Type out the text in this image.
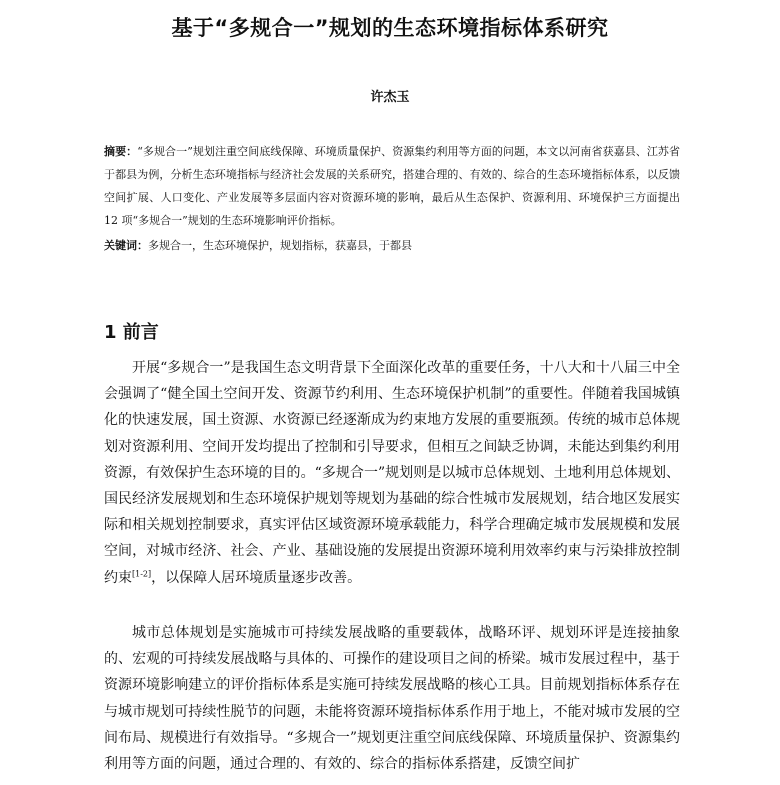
基于“多规合一”规划的生态环境指标体系研究
许杰玉
摘要：“多规合一”规划注重空间底线保障、环境质量保护、资源集约利用等方面的问题，本文以河南省获嘉县、江苏省于都县为例，分析生态环境指标与经济社会发展的关系研究，搭建合理的、有效的、综合的生态环境指标体系，以反馈空间扩展、人口变化、产业发展等多层面内容对资源环境的影响，最后从生态保护、资源利用、环境保护三方面提出 12 项“多规合一”规划的生态环境影响评价指标。
关键词：多规合一，生态环境保护，规划指标，获嘉县，于都县
1 前言

开展“多规合一”是我国生态文明背景下全面深化改革的重要任务，十八大和十八届三中全会强调了“健全国土空间开发、资源节约利用、生态环境保护机制”的重要性。伴随着我国城镇化的快速发展，国土资源、水资源已经逐渐成为约束地方发展的重要瓶颈。传统的城市总体规划对资源利用、空间开发均提出了控制和引导要求，但相互之间缺乏协调，未能达到集约利用资源，有效保护生态环境的目的。“多规合一”规划则是以城市总体规划、土地利用总体规划、国民经济发展规划和生态环境保护规划等规划为基础的综合性城市发展规划，结合地区发展实际和相关规划控制要求，真实评估区域资源环境承载能力，科学合理确定城市发展规模和发展空间，对城市经济、社会、产业、基础设施的发展提出资源环境利用效率约束与污染排放控制约束[1-2]，以保障人居环境质量逐步改善。

城市总体规划是实施城市可持续发展战略的重要载体，战略环评、规划环评是连接抽象的、宏观的可持续发展战略与具体的、可操作的建设项目之间的桥梁。城市发展过程中，基于资源环境影响建立的评价指标体系是实施可持续发展战略的核心工具。目前规划指标体系存在与城市规划可持续性脱节的问题，未能将资源环境指标体系作用于地上，不能对城市发展的空间布局、规模进行有效指导。“多规合一”规划更注重空间底线保障、环境质量保护、资源集约利用等方面的问题，通过合理的、有效的、综合的指标体系搭建，反馈空间扩
